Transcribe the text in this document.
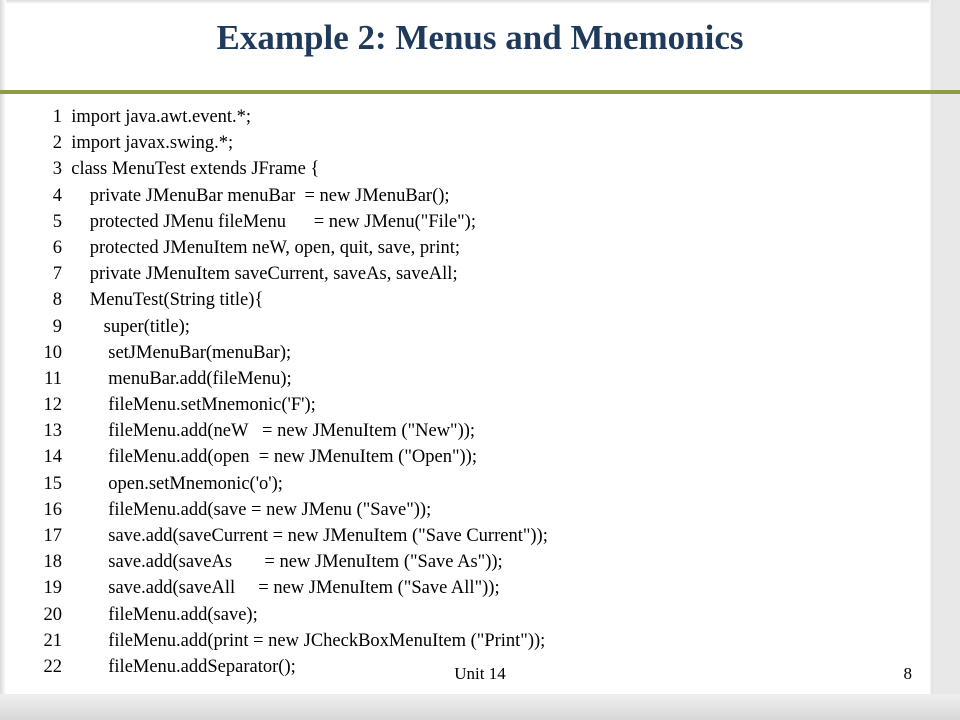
Example 2: Menus and Mnemonics
1  import java.awt.event.*;
2  import javax.swing.*;
3  class MenuTest extends JFrame {
4      private JMenuBar menuBar  = new JMenuBar();
5      protected JMenu fileMenu      = new JMenu("File");
6      protected JMenuItem neW, open, quit, save, print;
7      private JMenuItem saveCurrent, saveAs, saveAll;
8      MenuTest(String title){
9         super(title);
10          setJMenuBar(menuBar);
11          menuBar.add(fileMenu);
12          fileMenu.setMnemonic('F');
13          fileMenu.add(neW   = new JMenuItem ("New"));
14          fileMenu.add(open  = new JMenuItem ("Open"));
15          open.setMnemonic('o');
16          fileMenu.add(save = new JMenu ("Save"));
17          save.add(saveCurrent = new JMenuItem ("Save Current"));
18          save.add(saveAs       = new JMenuItem ("Save As"));
19          save.add(saveAll     = new JMenuItem ("Save All"));
20          fileMenu.add(save);
21          fileMenu.add(print = new JCheckBoxMenuItem ("Print"));
22          fileMenu.addSeparator();	Unit 14	8
